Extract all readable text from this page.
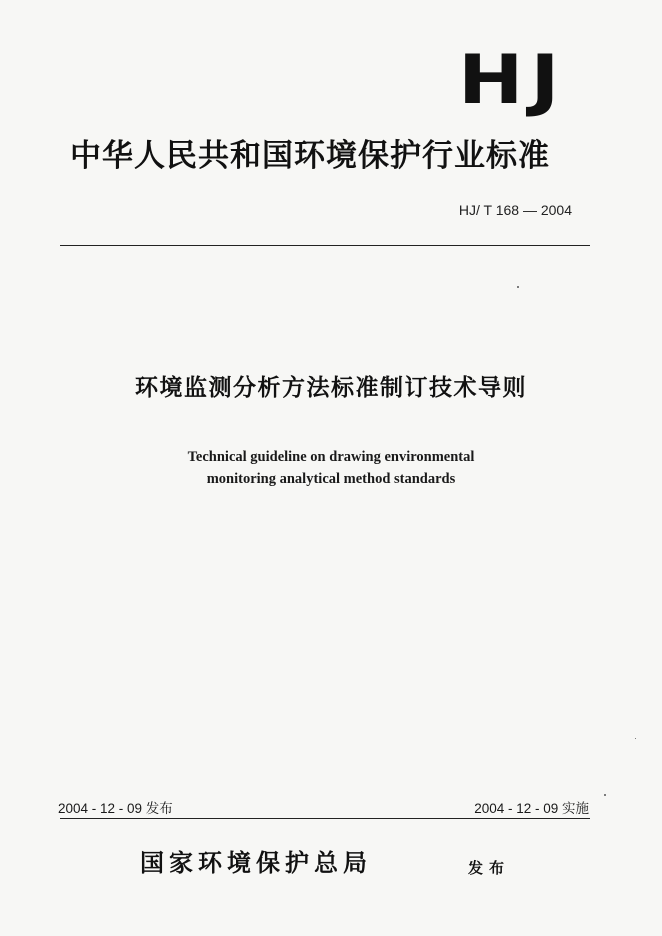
HJ
中华人民共和国环境保护行业标准
HJ/ T 168 — 2004
环境监测分析方法标准制订技术导则
Technical guideline on drawing environmental
monitoring analytical method standards
2004 - 12 - 09 发布	2004 - 12 - 09 实施
国家环境保护总局	发布
